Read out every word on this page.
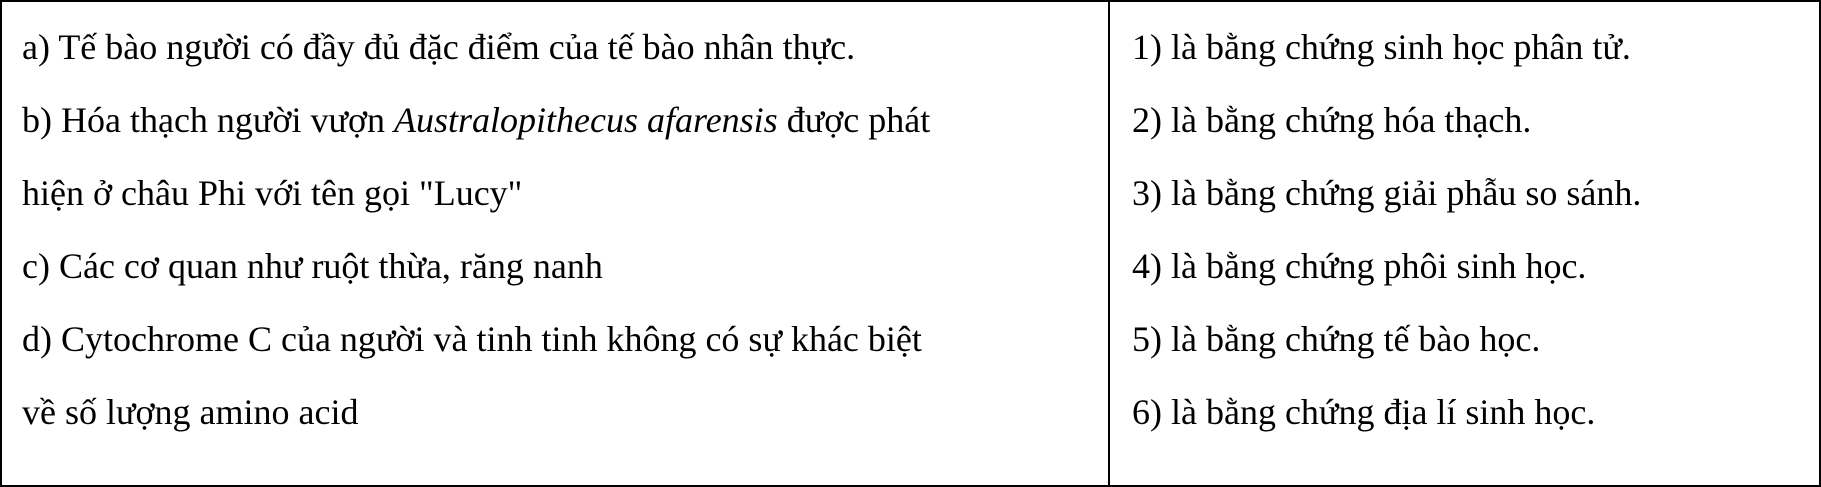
a) Tế bào người có đầy đủ đặc điểm của tế bào nhân thực.
b) Hóa thạch người vượn Australopithecus afarensis được phát
hiện ở châu Phi với tên gọi "Lucy"
c) Các cơ quan như ruột thừa, răng nanh
d) Cytochrome C của người và tinh tinh không có sự khác biệt
về số lượng amino acid
1) là bằng chứng sinh học phân tử.
2) là bằng chứng hóa thạch.
3) là bằng chứng giải phẫu so sánh.
4) là bằng chứng phôi sinh học.
5) là bằng chứng tế bào học.
6) là bằng chứng địa lí sinh học.
